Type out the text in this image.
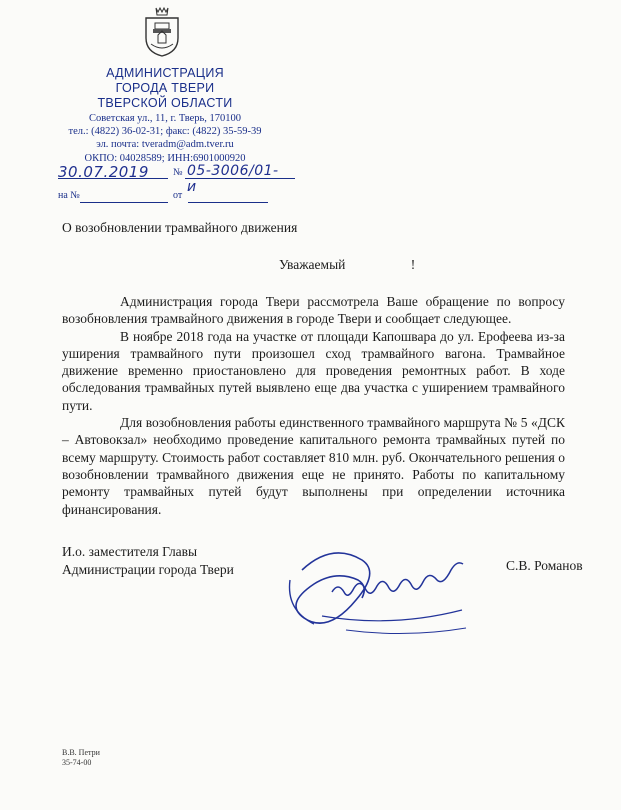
АДМИНИСТРАЦИЯ
ГОРОДА ТВЕРИ
ТВЕРСКОЙ ОБЛАСТИ
Советская ул., 11, г. Тверь, 170100
тел.: (4822) 36-02-31; факс: (4822) 35-59-39
эл. почта: tveradm@adm.tver.ru
ОКПО: 04028589; ИНН:6901000920
30.07.2019 № 05-3006/01-и
на №	от
О возобновлении трамвайного движения
Уважаемый	!

Администрация города Твери рассмотрела Ваше обращение по вопросу возобновления трамвайного движения в городе Твери и сообщает следующее.

В ноябре 2018 года на участке от площади Капошвара до ул. Ерофеева из-за уширения трамвайного пути произошел сход трамвайного вагона. Трамвайное движение временно приостановлено для проведения ремонтных работ. В ходе обследования трамвайных путей выявлено еще два участка с уширением трамвайного пути.

Для возобновления работы единственного трамвайного маршрута № 5 «ДСК – Автовокзал» необходимо проведение капитального ремонта трамвайных путей по всему маршруту. Стоимость работ составляет 810 млн. руб. Окончательного решения о возобновлении трамвайного движения еще не принято. Работы по капитальному ремонту трамвайных путей будут выполнены при определении источника финансирования.

И.о. заместителя Главы
Администрации города Твери	С.В. Романов
В.В. Петри
35-74-00
